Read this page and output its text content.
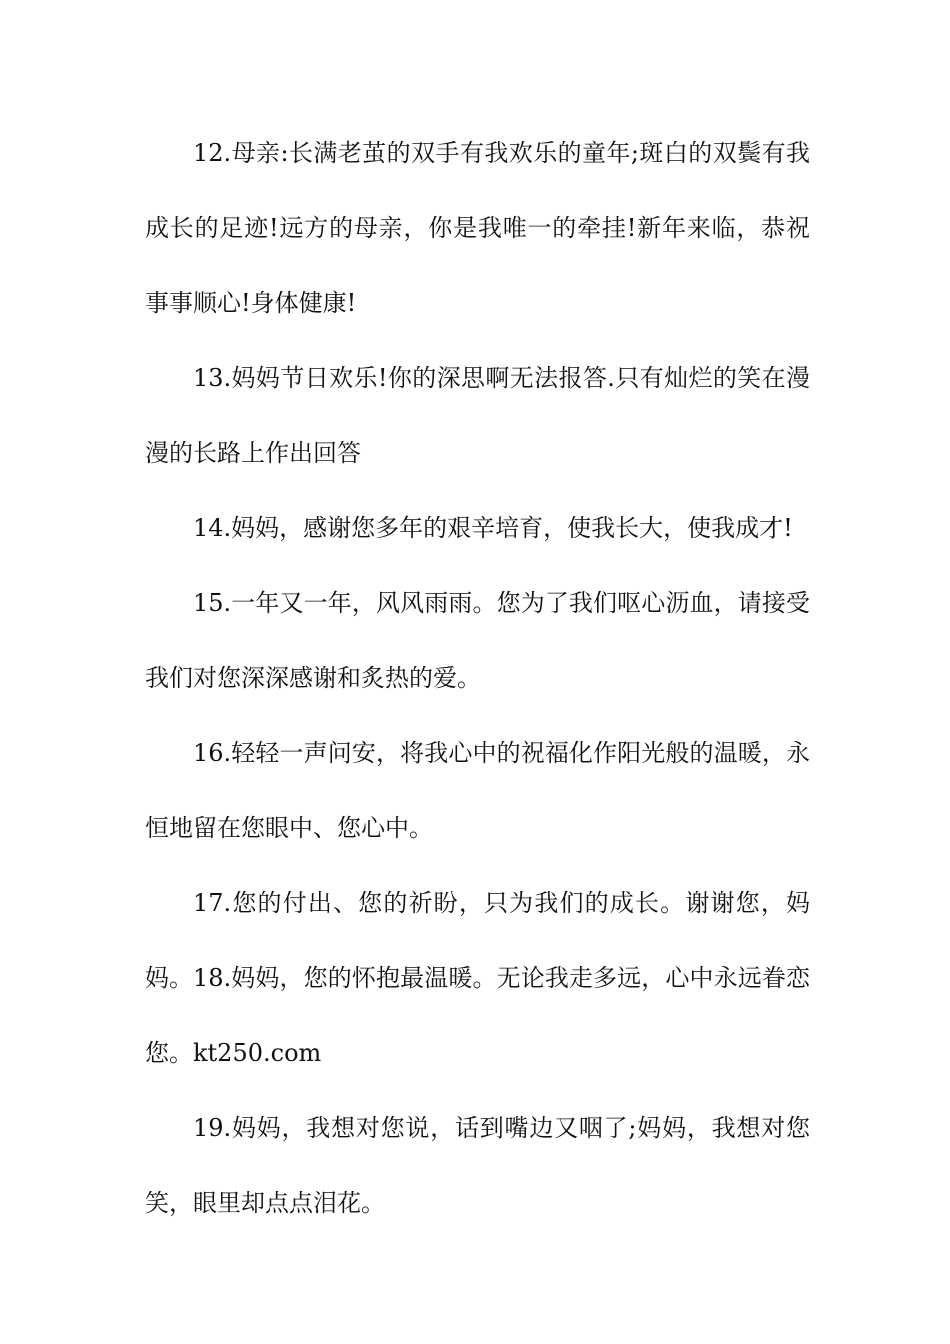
12.母亲:长满老茧的双手有我欢乐的童年;斑白的双鬓有我成长的足迹!远方的母亲，你是我唯一的牵挂!新年来临，恭祝事事顺心!身体健康!

13.妈妈节日欢乐!你的深思啊无法报答.只有灿烂的笑在漫漫的长路上作出回答

14.妈妈，感谢您多年的艰辛培育，使我长大，使我成才!

15.一年又一年，风风雨雨。您为了我们呕心沥血，请接受我们对您深深感谢和炙热的爱。

16.轻轻一声问安，将我心中的祝福化作阳光般的温暖，永恒地留在您眼中、您心中。

17.您的付出、您的祈盼，只为我们的成长。谢谢您，妈妈。 18.妈妈，您的怀抱最温暖。无论我走多远，心中永远眷恋您。kt250.com

19.妈妈，我想对您说，话到嘴边又咽了;妈妈，我想对您笑，眼里却点点泪花。
